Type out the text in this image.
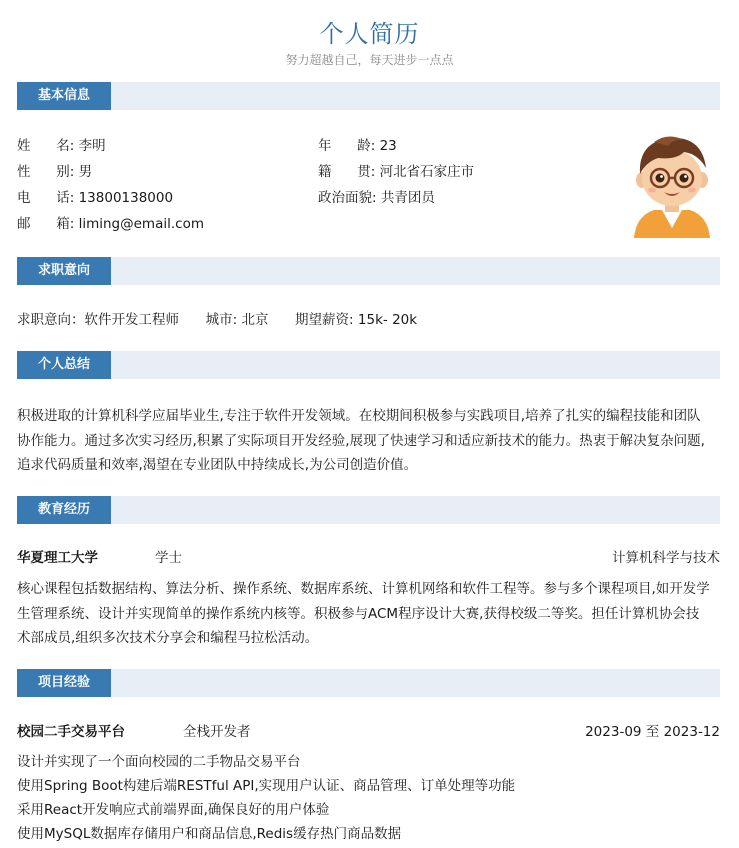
个人简历
努力超越自己，每天进步一点点
基本信息
姓      名: 李明
性      别: 男
电      话: 13800138000
邮      箱: liming@email.com
年      龄: 23
籍      贯: 河北省石家庄市
政治面貌: 共青团员
求职意向
求职意向：软件开发工程师 城市: 北京 期望薪资: 15k- 20k
个人总结
积极进取的计算机科学应届毕业生,专注于软件开发领域。在校期间积极参与实践项目,培养了扎实的编程技能和团队
协作能力。通过多次实习经历,积累了实际项目开发经验,展现了快速学习和适应新技术的能力。热衷于解决复杂问题,
追求代码质量和效率,渴望在专业团队中持续成长,为公司创造价值。
教育经历
华夏理工大学	学士	计算机科学与技术
核心课程包括数据结构、算法分析、操作系统、数据库系统、计算机网络和软件工程等。参与多个课程项目,如开发学
生管理系统、设计并实现简单的操作系统内核等。积极参与ACM程序设计大赛,获得校级二等奖。担任计算机协会技
术部成员,组织多次技术分享会和编程马拉松活动。
项目经验
校园二手交易平台	全栈开发者	2023-09 至 2023-12
设计并实现了一个面向校园的二手物品交易平台
使用Spring Boot构建后端RESTful API,实现用户认证、商品管理、订单处理等功能
采用React开发响应式前端界面,确保良好的用户体验
使用MySQL数据库存储用户和商品信息,Redis缓存热门商品数据
